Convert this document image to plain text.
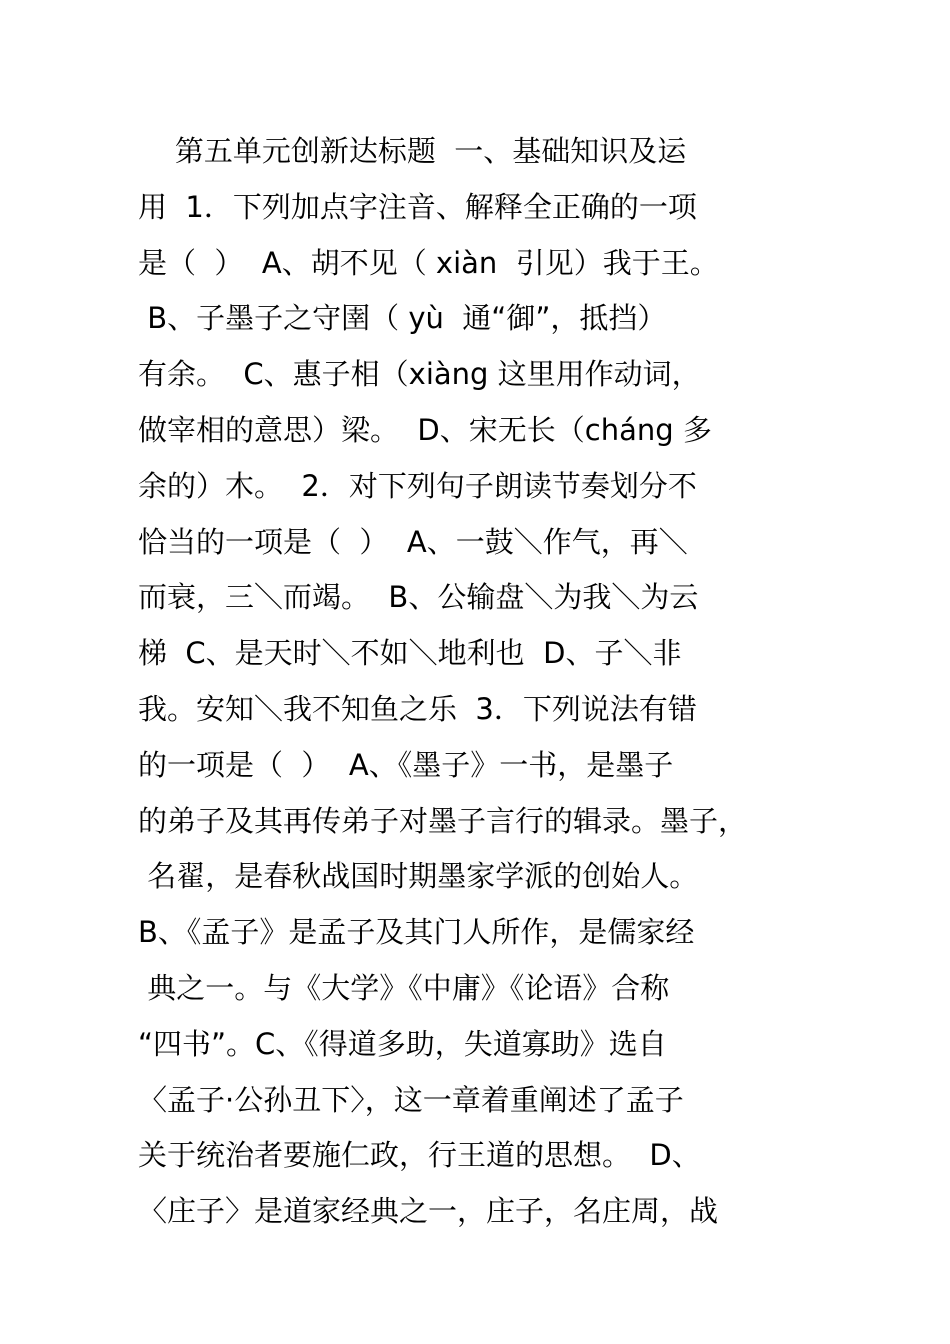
第五单元创新达标题  一、基础知识及运
用  1．下列加点字注音、解释全正确的一项
是（  ）  A、胡不见（ xiàn  引见）我于王。
B、子墨子之守圉（ yù  通“御”，抵挡）
有余。  C、惠子相（xiàng 这里用作动词，
做宰相的意思）梁。  D、宋无长（cháng 多
余的）木。  2．对下列句子朗读节奏划分不
恰当的一项是（  ）  A、一鼓＼作气，再＼
而衰，三＼而竭。  B、公输盘＼为我＼为云
梯  C、是天时＼不如＼地利也  D、子＼非
我。安知＼我不知鱼之乐  3．下列说法有错
的一项是（  ）  A、《墨子》一书，是墨子
的弟子及其再传弟子对墨子言行的辑录。墨子，
名翟，是春秋战国时期墨家学派的创始人。
B、《孟子》是孟子及其门人所作，是儒家经
典之一。与《大学》《中庸》《论语》合称
“四书”。C、《得道多助，失道寡助》选自
〈孟子·公孙丑下〉，这一章着重阐述了孟子
关于统治者要施仁政，行王道的思想。  D、
〈庄子〉是道家经典之一，庄子，名庄周，战
